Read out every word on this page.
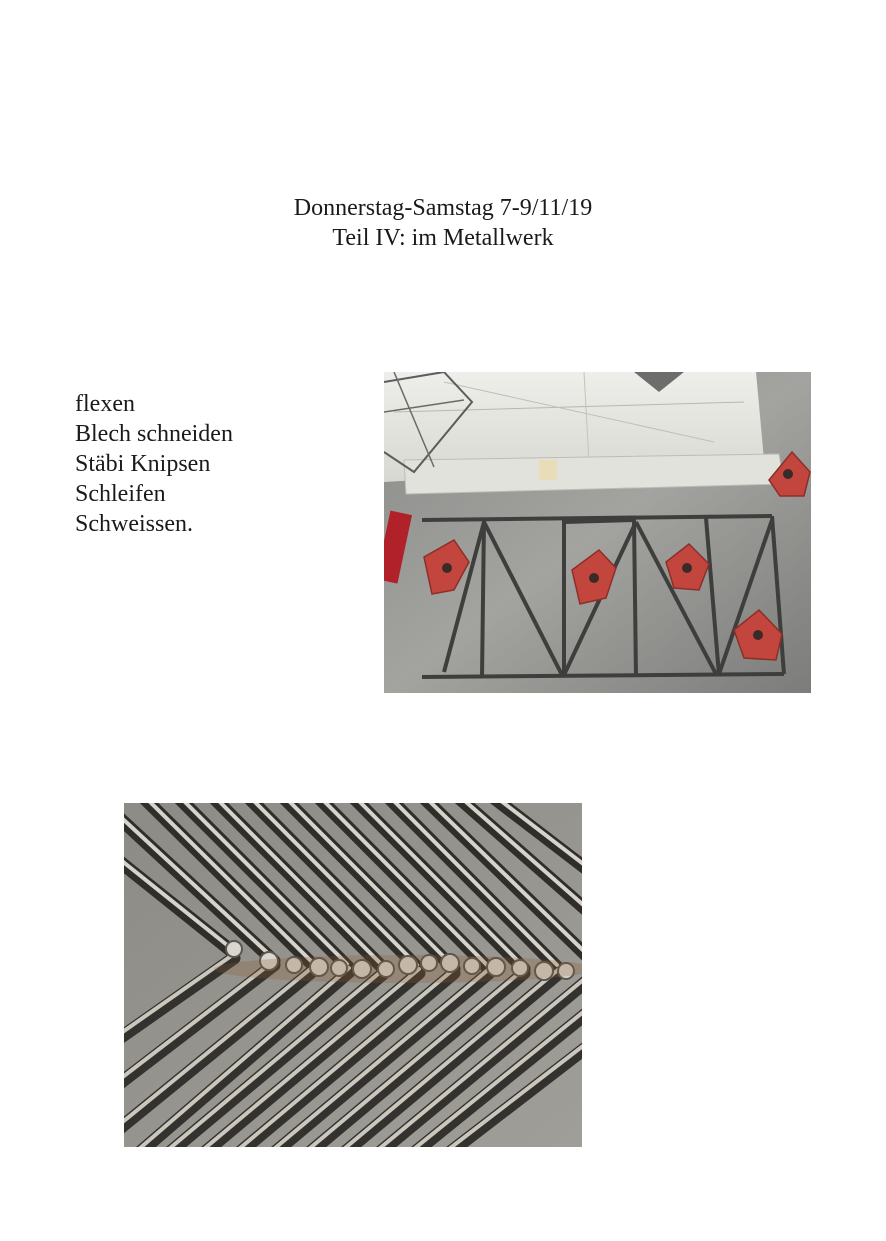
Donnerstag-Samstag 7-9/11/19
Teil IV: im Metallwerk
flexen
Blech schneiden
Stäbi Knipsen
Schleifen
Schweissen.
